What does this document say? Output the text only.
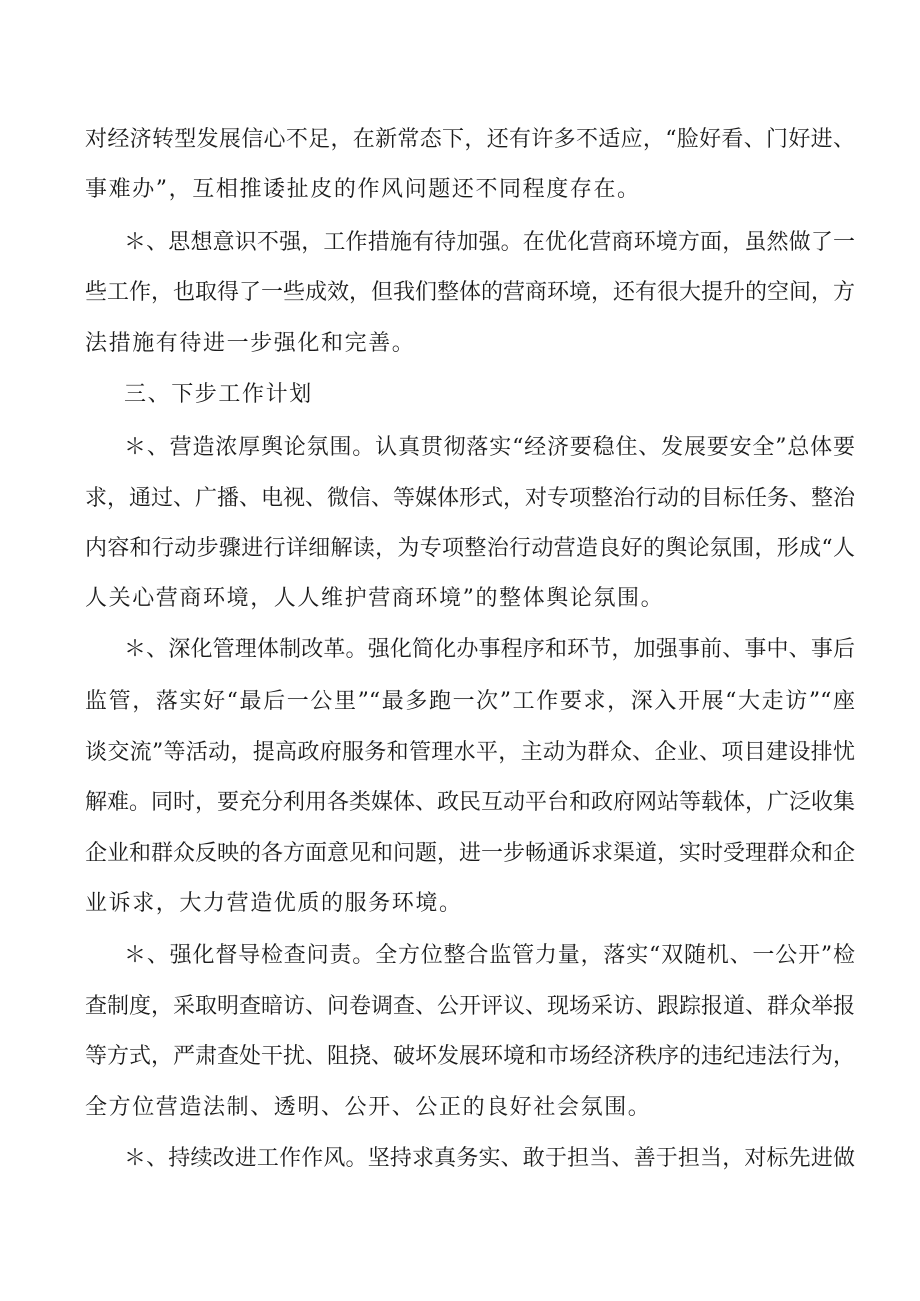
对经济转型发展信心不足，在新常态下，还有许多不适应，“脸好看、门好进、
事难办”，互相推诿扯皮的作风问题还不同程度存在。
＊、思想意识不强，工作措施有待加强。在优化营商环境方面，虽然做了一
些工作，也取得了一些成效，但我们整体的营商环境，还有很大提升的空间，方
法措施有待进一步强化和完善。
三、下步工作计划
＊、营造浓厚舆论氛围。认真贯彻落实“经济要稳住、发展要安全”总体要
求，通过、广播、电视、微信、等媒体形式，对专项整治行动的目标任务、整治
内容和行动步骤进行详细解读，为专项整治行动营造良好的舆论氛围，形成“人
人关心营商环境，人人维护营商环境”的整体舆论氛围。
＊、深化管理体制改革。强化简化办事程序和环节，加强事前、事中、事后
监管，落实好“最后一公里”“最多跑一次”工作要求，深入开展“大走访”“座
谈交流”等活动，提高政府服务和管理水平，主动为群众、企业、项目建设排忧
解难。同时，要充分利用各类媒体、政民互动平台和政府网站等载体，广泛收集
企业和群众反映的各方面意见和问题，进一步畅通诉求渠道，实时受理群众和企
业诉求，大力营造优质的服务环境。
＊、强化督导检查问责。全方位整合监管力量，落实“双随机、一公开”检
查制度，采取明查暗访、问卷调查、公开评议、现场采访、跟踪报道、群众举报
等方式，严肃查处干扰、阻挠、破坏发展环境和市场经济秩序的违纪违法行为，
全方位营造法制、透明、公开、公正的良好社会氛围。
＊、持续改进工作作风。坚持求真务实、敢于担当、善于担当，对标先进做
